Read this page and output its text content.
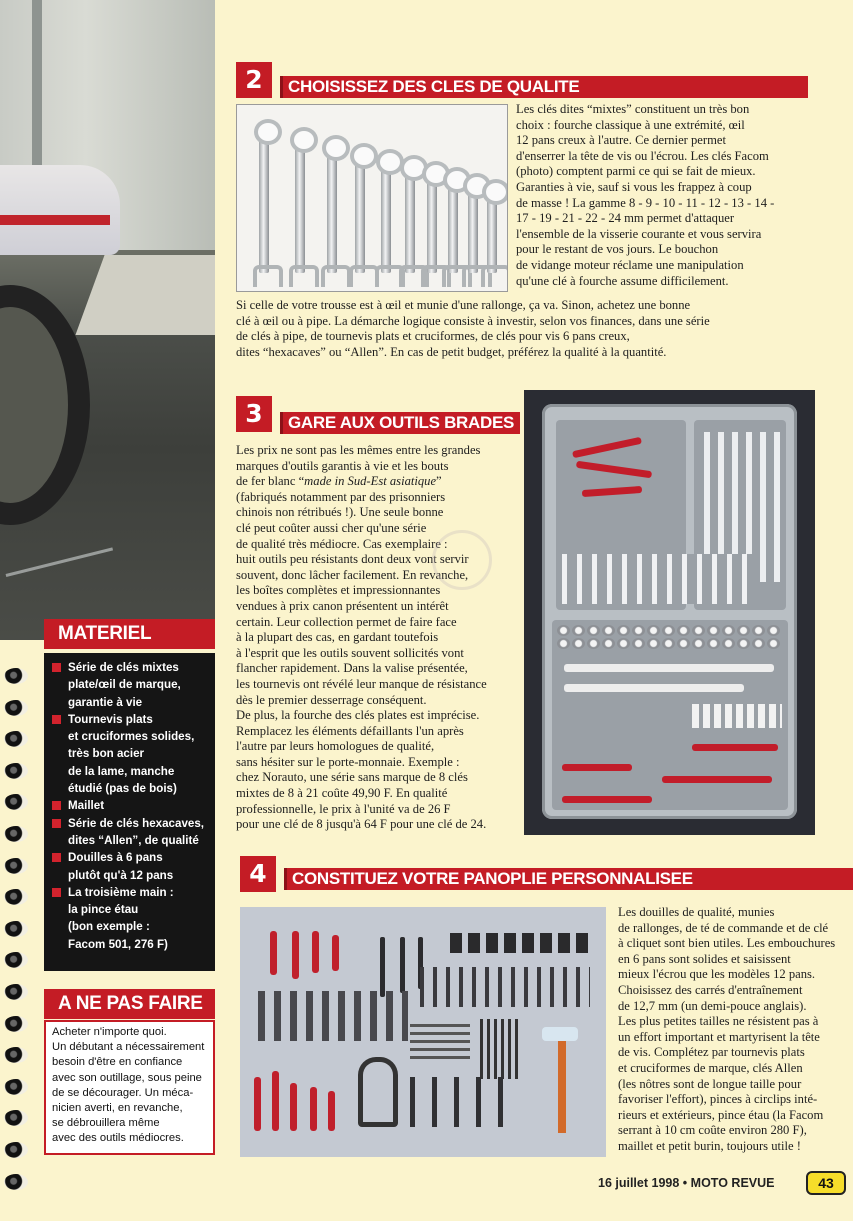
2	CHOISISSEZ DES CLES DE QUALITE
Les clés dites “mixtes” constituent un très bon
choix : fourche classique à une extrémité, œil
12 pans creux à l'autre. Ce dernier permet
d'enserrer la tête de vis ou l'écrou. Les clés Facom
(photo) comptent parmi ce qui se fait de mieux.
Garanties à vie, sauf si vous les frappez à coup
de masse ! La gamme 8 - 9 - 10 - 11 - 12 - 13 - 14 -
17 - 19 - 21 - 22 - 24 mm permet d'attaquer
l'ensemble de la visserie courante et vous servira
pour le restant de vos jours. Le bouchon
de vidange moteur réclame une manipulation
qu'une clé à fourche assume difficilement.
Si celle de votre trousse est à œil et munie d'une rallonge, ça va. Sinon, achetez une bonne
clé à œil ou à pipe. La démarche logique consiste à investir, selon vos finances, dans une série
de clés à pipe, de tournevis plats et cruciformes, de clés pour vis 6 pans creux,
dites “hexacaves” ou “Allen”. En cas de petit budget, préférez la qualité à la quantité.
3	GARE AUX OUTILS BRADES
Les prix ne sont pas les mêmes entre les grandes
marques d'outils garantis à vie et les bouts
de fer blanc “made in Sud-Est asiatique”
(fabriqués notamment par des prisonniers
chinois non rétribués !). Une seule bonne
clé peut coûter aussi cher qu'une série
de qualité très médiocre. Cas exemplaire :
huit outils peu résistants dont deux vont servir
souvent, donc lâcher facilement. En revanche,
les boîtes complètes et impressionnantes
vendues à prix canon présentent un intérêt
certain. Leur collection permet de faire face
à la plupart des cas, en gardant toutefois
à l'esprit que les outils souvent sollicités vont
flancher rapidement. Dans la valise présentée,
les tournevis ont révélé leur manque de résistance
dès le premier desserrage conséquent.
De plus, la fourche des clés plates est imprécise.
Remplacez les éléments défaillants l'un après
l'autre par leurs homologues de qualité,
sans hésiter sur le porte-monnaie. Exemple :
chez Norauto, une série sans marque de 8 clés
mixtes de 8 à 21 coûte 49,90 F. En qualité
professionnelle, le prix à l'unité va de 26 F
pour une clé de 8 jusqu'à 64 F pour une clé de 24.
4	CONSTITUEZ VOTRE PANOPLIE PERSONNALISEE
Les douilles de qualité, munies
de rallonges, de té de commande et de clé
à cliquet sont bien utiles. Les embouchures
en 6 pans sont solides et saisissent
mieux l'écrou que les modèles 12 pans.
Choisissez des carrés d'entraînement
de 12,7 mm (un demi-pouce anglais).
Les plus petites tailles ne résistent pas à
un effort important et martyrisent la tête
de vis. Complétez par tournevis plats
et cruciformes de marque, clés Allen
(les nôtres sont de longue taille pour
favoriser l'effort), pinces à circlips inté-
rieurs et extérieurs, pince étau (la Facom
serrant à 10 cm coûte environ 280 F),
maillet et petit burin, toujours utile !
MATERIEL
Série de clés mixtes
plate/œil de marque,
garantie à vie
Tournevis plats
et cruciformes solides,
très bon acier
de la lame, manche
étudié (pas de bois)
Maillet
Série de clés hexacaves,
dites “Allen”, de qualité
Douilles à 6 pans
plutôt qu'à 12 pans
La troisième main :
la pince étau
(bon exemple :
Facom 501, 276 F)
A NE PAS FAIRE
Acheter n'importe quoi.
Un débutant a nécessairement
besoin d'être en confiance
avec son outillage, sous peine
de se décourager. Un méca-
nicien averti, en revanche,
se débrouillera même
avec des outils médiocres.
16 juillet 1998 • MOTO REVUE	43
